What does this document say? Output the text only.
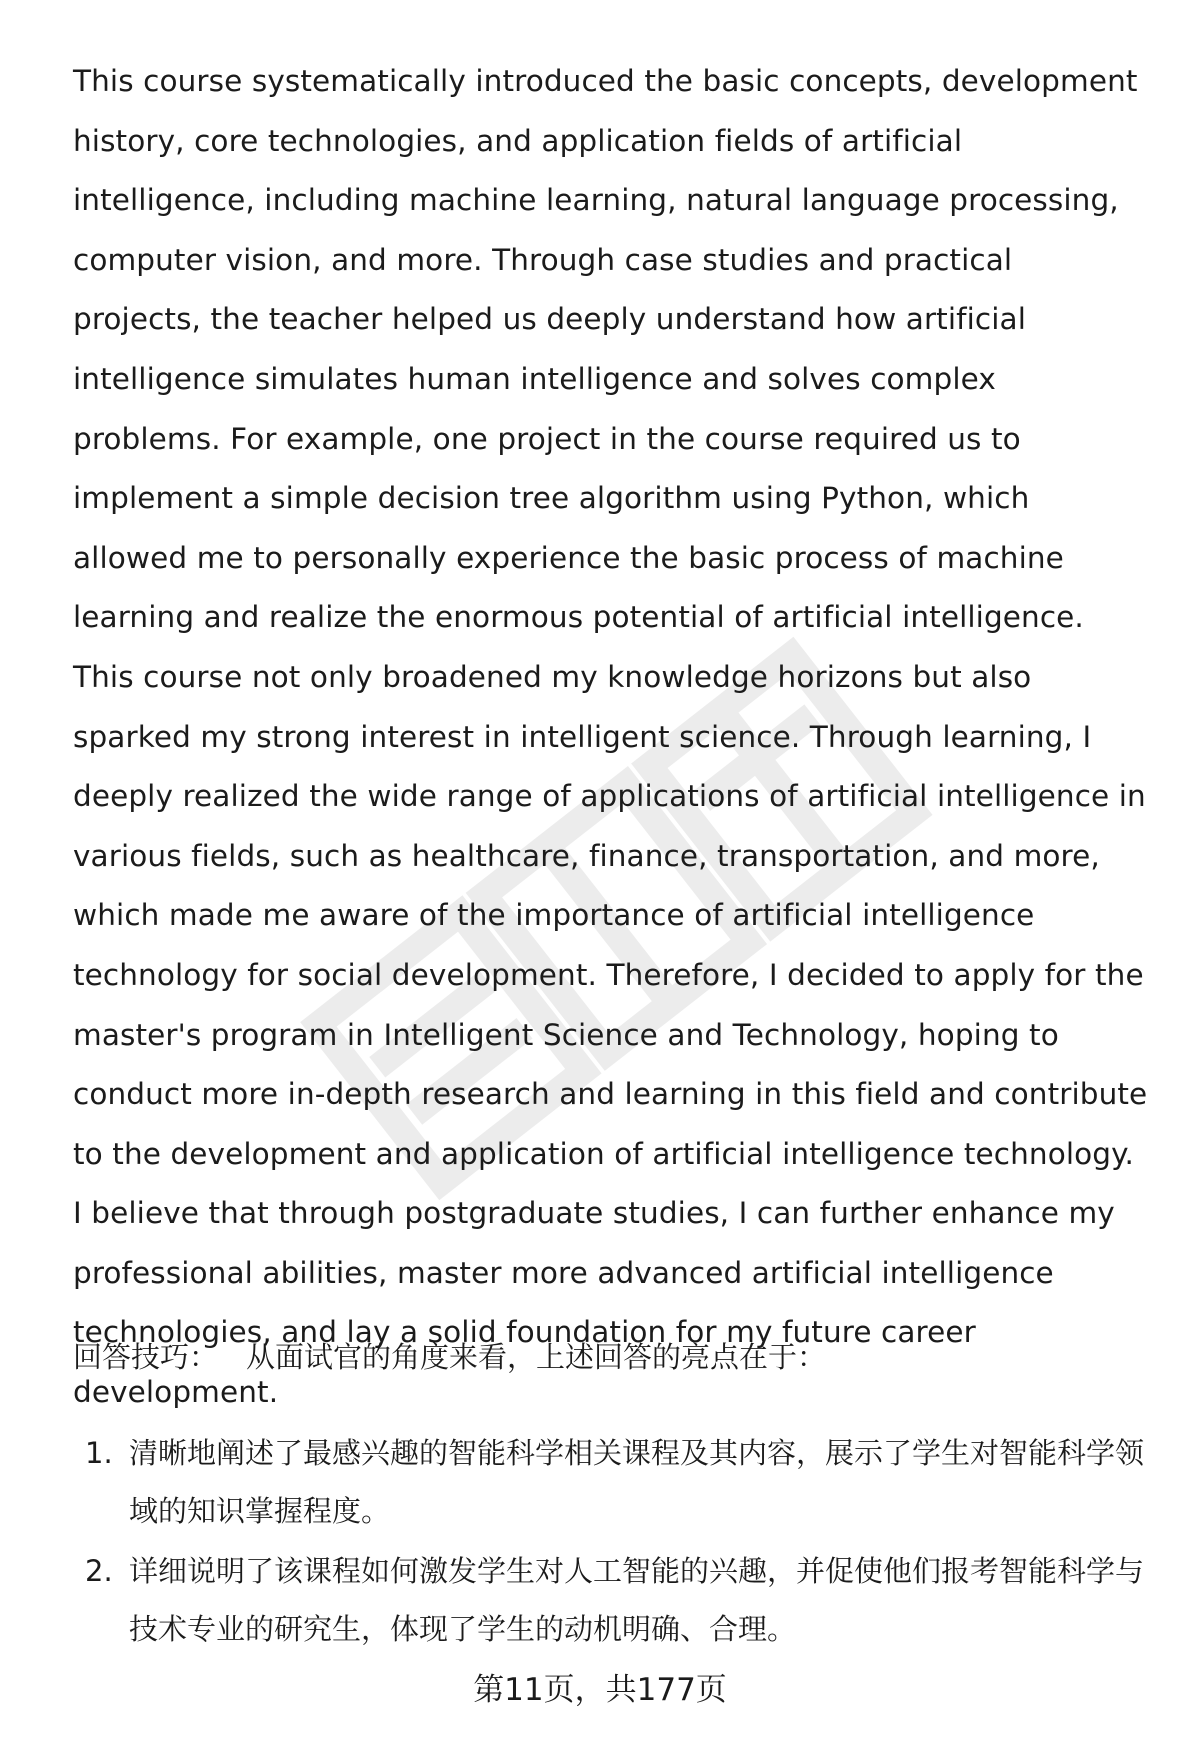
This course systematically introduced the basic concepts, development history, core technologies, and application fields of artificial intelligence, including machine learning, natural language processing, computer vision, and more. Through case studies and practical projects, the teacher helped us deeply understand how artificial intelligence simulates human intelligence and solves complex problems. For example, one project in the course required us to implement a simple decision tree algorithm using Python, which allowed me to personally experience the basic process of machine learning and realize the enormous potential of artificial intelligence. This course not only broadened my knowledge horizons but also sparked my strong interest in intelligent science. Through learning, I deeply realized the wide range of applications of artificial intelligence in various fields, such as healthcare, finance, transportation, and more, which made me aware of the importance of artificial intelligence technology for social development. Therefore, I decided to apply for the master's program in Intelligent Science and Technology, hoping to conduct more in-depth research and learning in this field and contribute to the development and application of artificial intelligence technology. I believe that through postgraduate studies, I can further enhance my professional abilities, master more advanced artificial intelligence technologies, and lay a solid foundation for my future career development.

回答技巧： 从面试官的角度来看，上述回答的亮点在于：

1. 清晰地阐述了最感兴趣的智能科学相关课程及其内容，展示了学生对智能科学领域的知识掌握程度。
2. 详细说明了该课程如何激发学生对人工智能的兴趣，并促使他们报考智能科学与技术专业的研究生，体现了学生的动机明确、合理。

第11页，共177页
